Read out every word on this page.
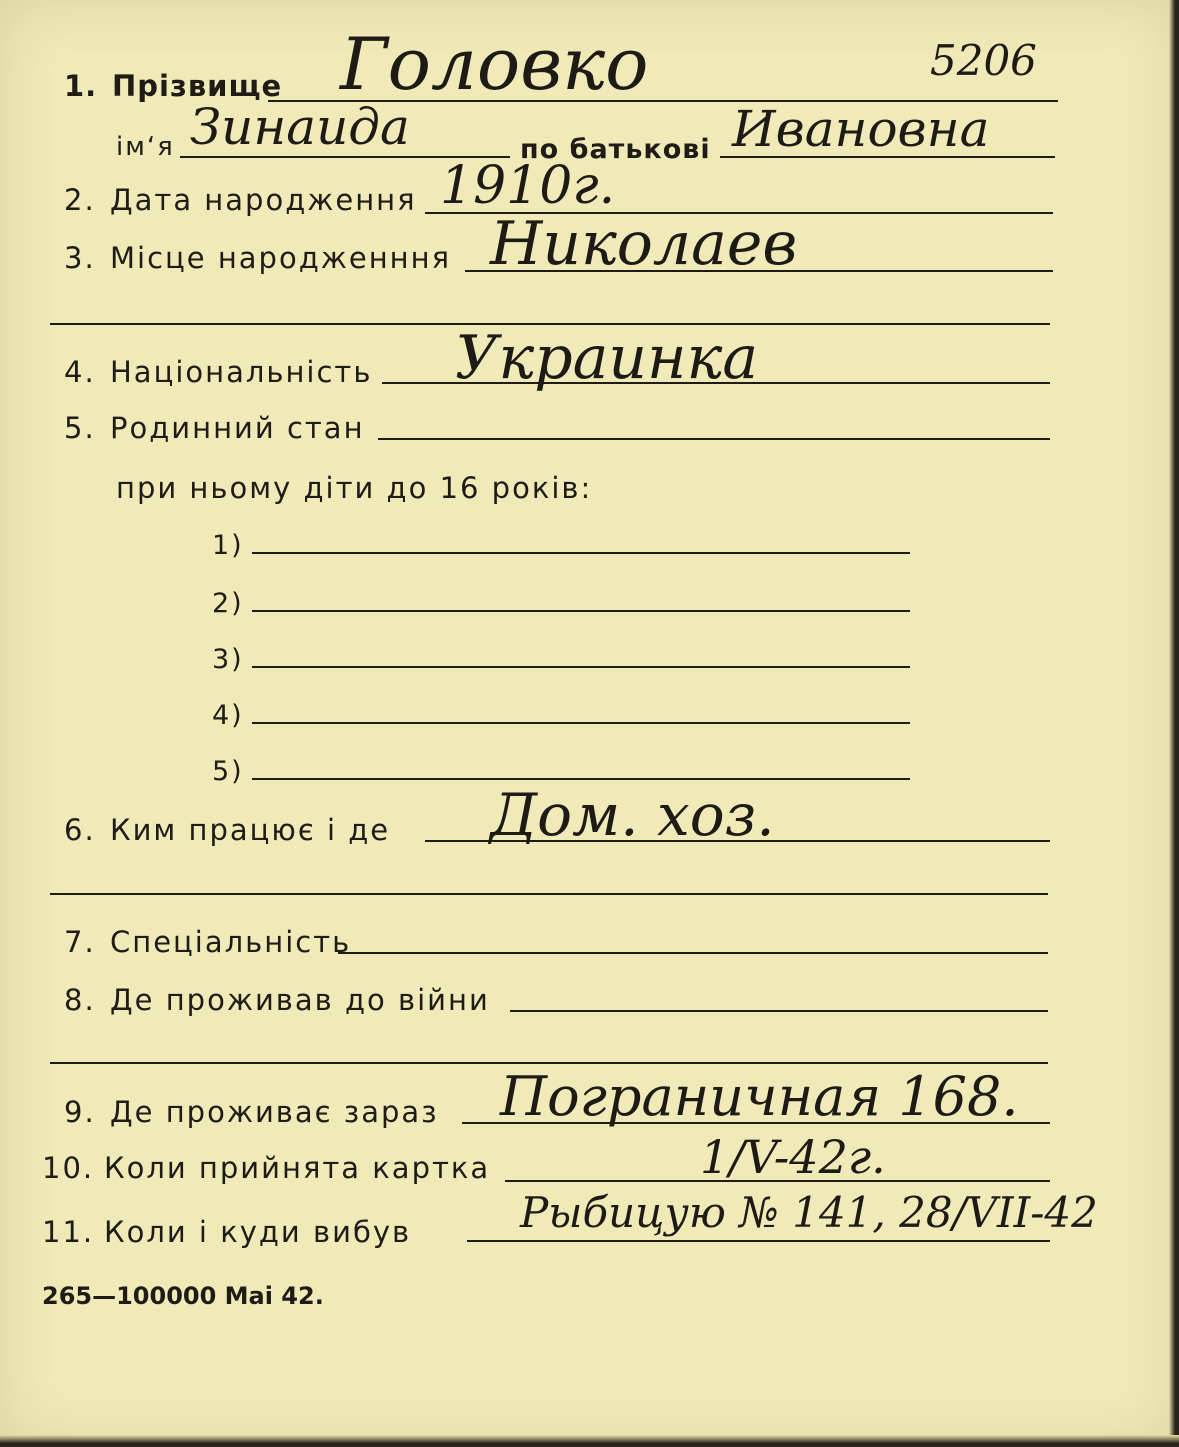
1. Прізвище Головко	5206
ім‘я Зинаида	по батькові Ивановна
2. Дата народження 1910г.
3. Місце народженння Николаев
4. Національність Украинка
5. Родинний стан
при ньому діти до 16 років:
1)
2)
3)
4)
5)
6. Ким працює і де Дом. хоз.
7. Спеціальність
8. Де проживав до війни
9. Де проживає зараз Пограничная 168.
10. Коли прийнята картка	1/V-42г.
11. Коли і куди вибув	Рыбицую № 141, 28/VII-42
265—100000 Mai 42.
